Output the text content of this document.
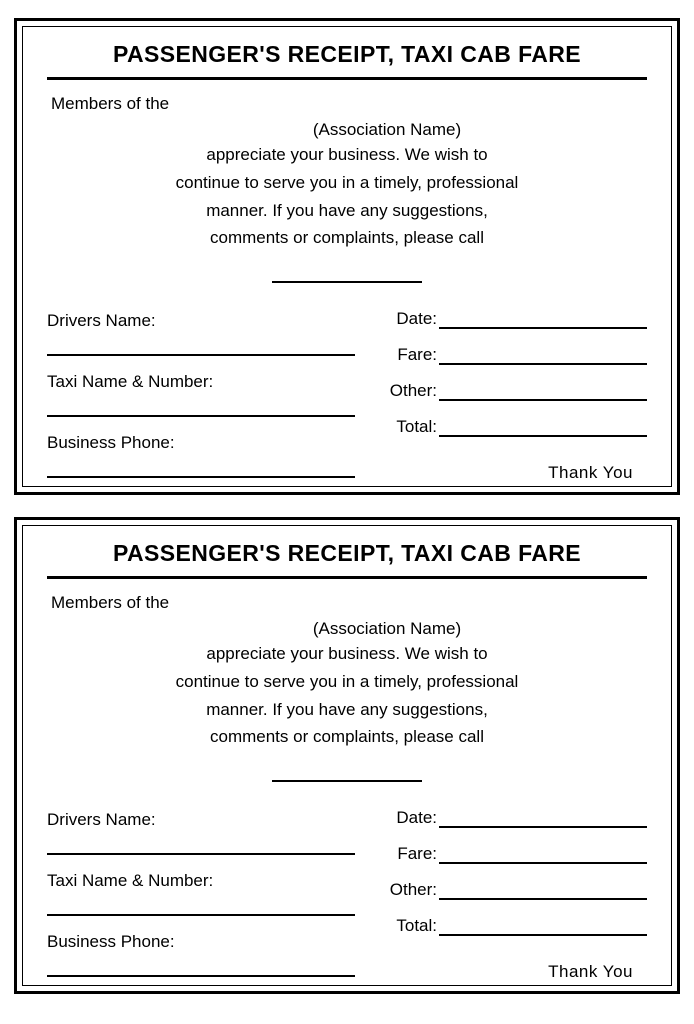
PASSENGER'S RECEIPT, TAXI CAB FARE
Members of the
(Association Name)
appreciate your business. We wish to
continue to serve you in a timely, professional
manner. If you have any suggestions,
comments or complaints, please call
Drivers Name:
Taxi Name & Number:
Business Phone:
Date:
Fare:
Other:
Total:
Thank You
PASSENGER'S RECEIPT, TAXI CAB FARE
Members of the
(Association Name)
appreciate your business. We wish to
continue to serve you in a timely, professional
manner. If you have any suggestions,
comments or complaints, please call
Drivers Name:
Taxi Name & Number:
Business Phone:
Date:
Fare:
Other:
Total:
Thank You
